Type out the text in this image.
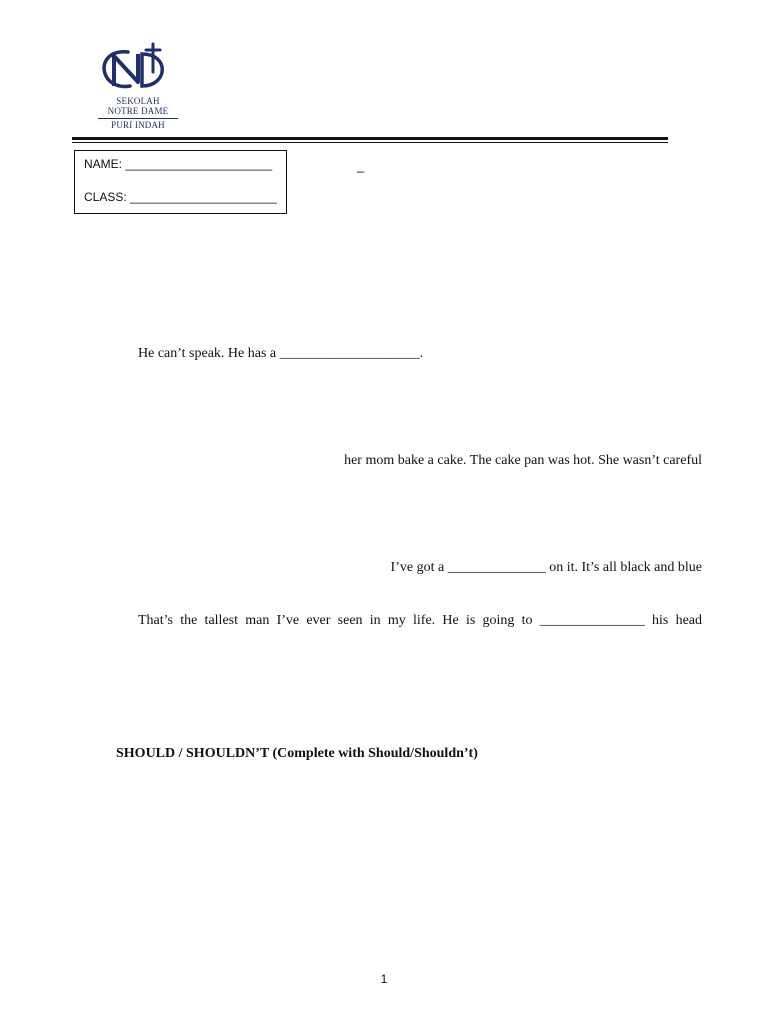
SEKOLAH
NOTRE DAME
PURI INDAH
NAME: ______________________
CLASS: ______________________
_
He can’t speak. He has a ____________________.
her mom bake a cake. The cake pan was hot. She wasn’t careful
I’ve got a ______________ on it. It’s all black and blue
That’s the tallest man I’ve ever seen in my life. He is going to _______________ his head
SHOULD / SHOULDN’T (Complete with Should/Shouldn’t)
1
